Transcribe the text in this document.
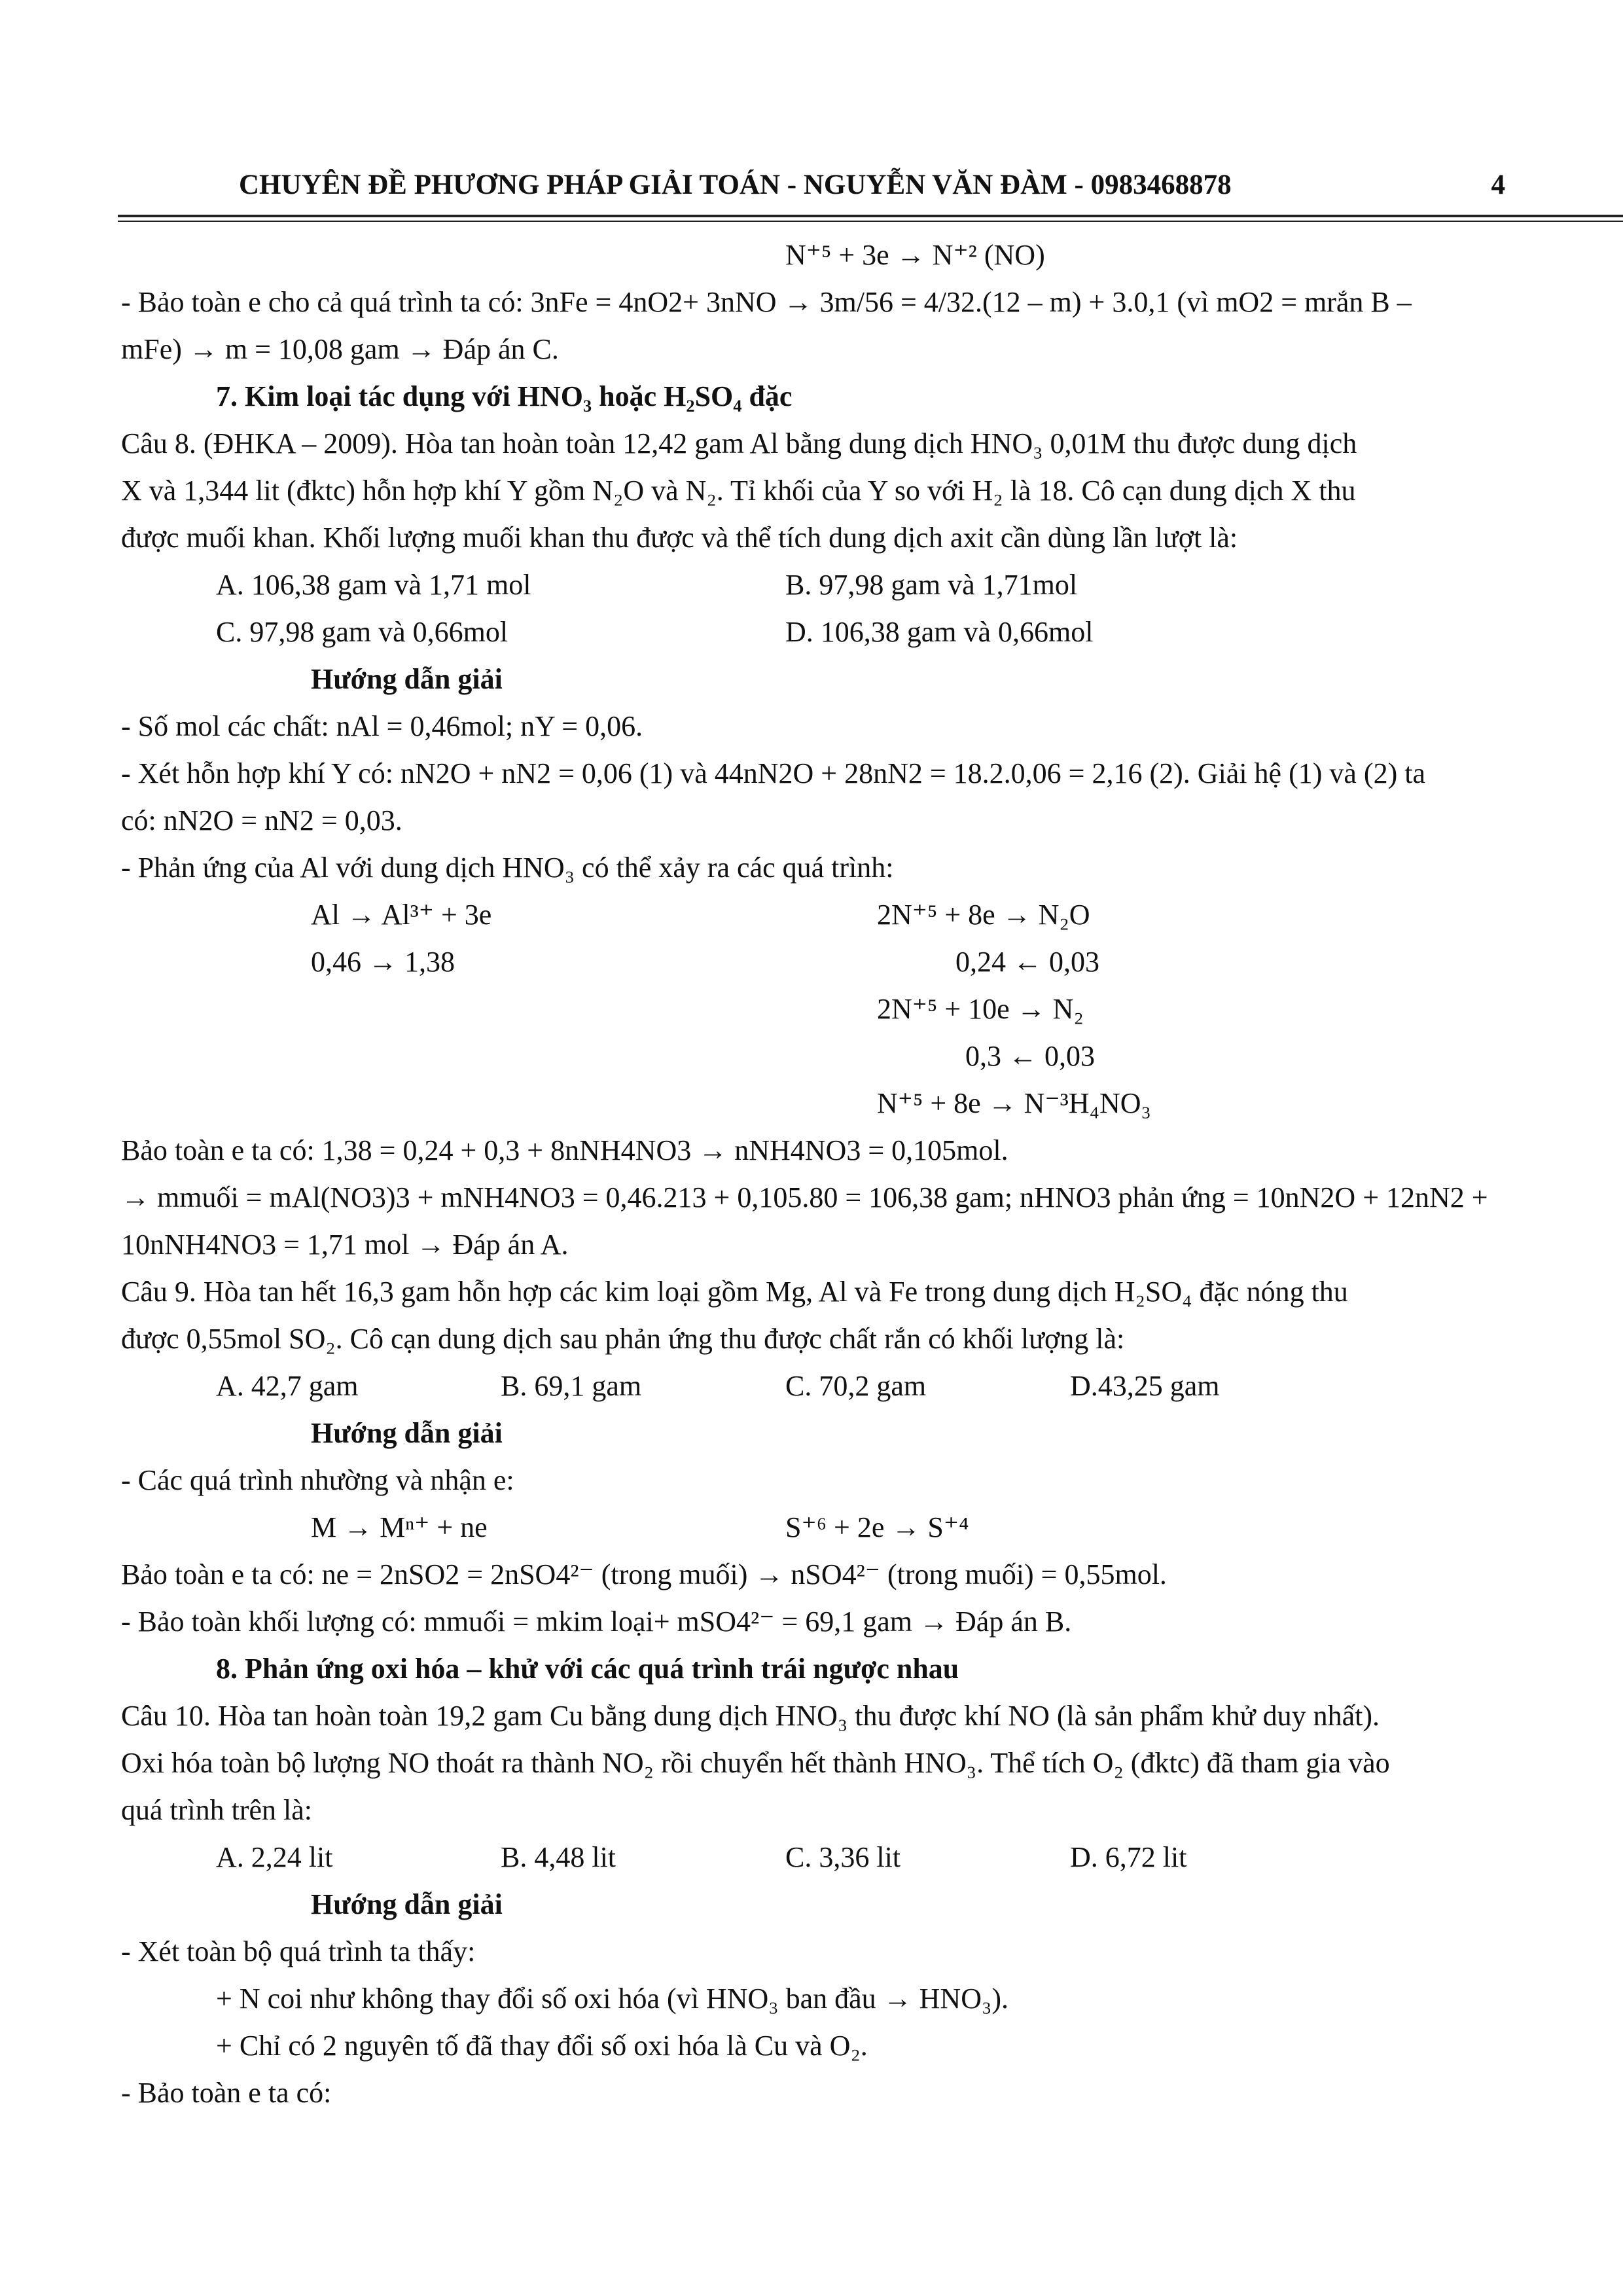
CHUYÊN ĐỀ PHƯƠNG PHÁP GIẢI TOÁN - NGUYỄN VĂN ĐÀM - 0983468878	4
N⁺⁵ + 3e → N⁺² (NO)
- Bảo toàn e cho cả quá trình ta có: 3nFe = 4nO2+ 3nNO → 3m/56 = 4/32.(12 – m) + 3.0,1 (vì mO2 = mrắn B –
mFe) → m = 10,08 gam → Đáp án C.
7. Kim loại tác dụng với HNO₃ hoặc H₂SO₄ đặc
Câu 8. (ĐHKA – 2009). Hòa tan hoàn toàn 12,42 gam Al bằng dung dịch HNO₃ 0,01M thu được dung dịch
X và 1,344 lit (đktc) hỗn hợp khí Y gồm N₂O và N₂. Tỉ khối của Y so với H₂ là 18. Cô cạn dung dịch X thu
được muối khan. Khối lượng muối khan thu được và thể tích dung dịch axit cần dùng lần lượt là:
A. 106,38 gam và 1,71 mol	B. 97,98 gam và 1,71mol
C. 97,98 gam và 0,66mol	D. 106,38 gam và 0,66mol
Hướng dẫn giải
- Số mol các chất: nAl = 0,46mol; nY = 0,06.
- Xét hỗn hợp khí Y có: nN2O + nN2 = 0,06 (1) và 44nN2O + 28nN2 = 18.2.0,06 = 2,16 (2). Giải hệ (1) và (2) ta
có: nN2O = nN2 = 0,03.
- Phản ứng của Al với dung dịch HNO₃ có thể xảy ra các quá trình:
Al → Al³⁺ + 3e	2N⁺⁵ + 8e → N₂O
0,46 → 1,38	0,24 ← 0,03
2N⁺⁵ + 10e → N₂
0,3 ← 0,03
N⁺⁵ + 8e → N⁻³H₄NO₃
Bảo toàn e ta có: 1,38 = 0,24 + 0,3 + 8nNH4NO3 → nNH4NO3 = 0,105mol.
→ mmuối = mAl(NO3)3 + mNH4NO3 = 0,46.213 + 0,105.80 = 106,38 gam; nHNO3 phản ứng = 10nN2O + 12nN2 +
10nNH4NO3 = 1,71 mol → Đáp án A.
Câu 9. Hòa tan hết 16,3 gam hỗn hợp các kim loại gồm Mg, Al và Fe trong dung dịch H₂SO₄ đặc nóng thu
được 0,55mol SO₂. Cô cạn dung dịch sau phản ứng thu được chất rắn có khối lượng là:
A. 42,7 gam	B. 69,1 gam	C. 70,2 gam	D.43,25 gam
Hướng dẫn giải
- Các quá trình nhường và nhận e:
M → Mⁿ⁺ + ne	S⁺⁶ + 2e → S⁺⁴
Bảo toàn e ta có: ne = 2nSO2 = 2nSO4²⁻ (trong muối) → nSO4²⁻ (trong muối) = 0,55mol.
- Bảo toàn khối lượng có: mmuối = mkim loại+ mSO4²⁻ = 69,1 gam → Đáp án B.
8. Phản ứng oxi hóa – khử với các quá trình trái ngược nhau
Câu 10. Hòa tan hoàn toàn 19,2 gam Cu bằng dung dịch HNO₃ thu được khí NO (là sản phẩm khử duy nhất).
Oxi hóa toàn bộ lượng NO thoát ra thành NO₂ rồi chuyển hết thành HNO₃. Thể tích O₂ (đktc) đã tham gia vào
quá trình trên là:
A. 2,24 lit	B. 4,48 lit	C. 3,36 lit	D. 6,72 lit
Hướng dẫn giải
- Xét toàn bộ quá trình ta thấy:
+ N coi như không thay đổi số oxi hóa (vì HNO₃ ban đầu → HNO₃).
+ Chỉ có 2 nguyên tố đã thay đổi số oxi hóa là Cu và O₂.
- Bảo toàn e ta có:
